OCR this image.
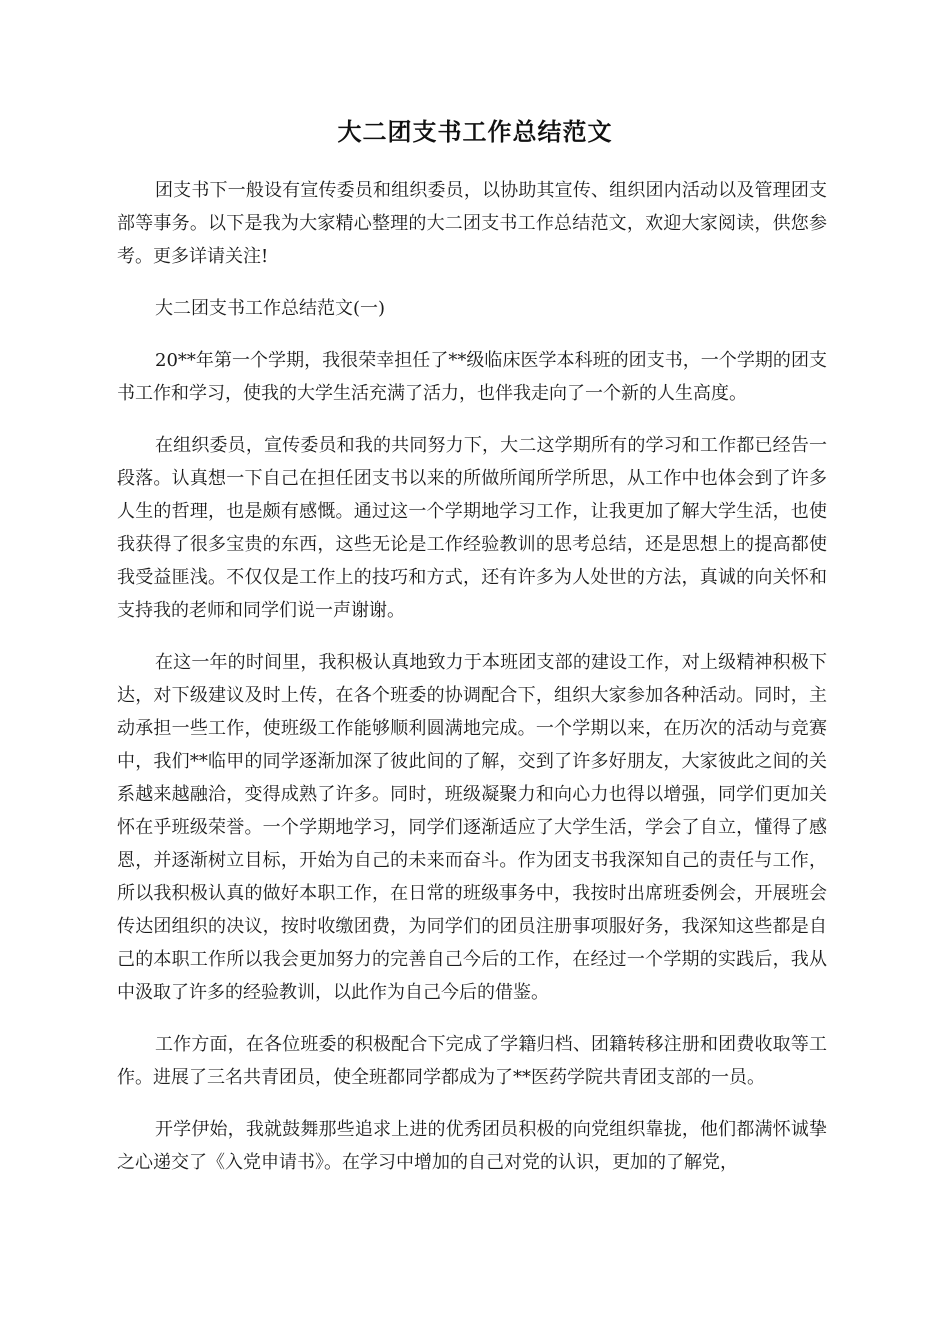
大二团支书工作总结范文

团支书下一般设有宣传委员和组织委员，以协助其宣传、组织团内活动以及管理团支部等事务。以下是我为大家精心整理的大二团支书工作总结范文，欢迎大家阅读，供您参考。更多详请关注!

大二团支书工作总结范文(一)

20**年第一个学期，我很荣幸担任了**级临床医学本科班的团支书，一个学期的团支书工作和学习，使我的大学生活充满了活力，也伴我走向了一个新的人生高度。

在组织委员，宣传委员和我的共同努力下，大二这学期所有的学习和工作都已经告一段落。认真想一下自己在担任团支书以来的所做所闻所学所思，从工作中也体会到了许多人生的哲理，也是颇有感慨。通过这一个学期地学习工作，让我更加了解大学生活，也使我获得了很多宝贵的东西，这些无论是工作经验教训的思考总结，还是思想上的提高都使我受益匪浅。不仅仅是工作上的技巧和方式，还有许多为人处世的方法，真诚的向关怀和支持我的老师和同学们说一声谢谢。

在这一年的时间里，我积极认真地致力于本班团支部的建设工作，对上级精神积极下达，对下级建议及时上传，在各个班委的协调配合下，组织大家参加各种活动。同时，主动承担一些工作，使班级工作能够顺利圆满地完成。一个学期以来，在历次的活动与竞赛中，我们**临甲的同学逐渐加深了彼此间的了解，交到了许多好朋友，大家彼此之间的关系越来越融洽，变得成熟了许多。同时，班级凝聚力和向心力也得以增强，同学们更加关怀在乎班级荣誉。一个学期地学习，同学们逐渐适应了大学生活，学会了自立，懂得了感恩，并逐渐树立目标，开始为自己的未来而奋斗。作为团支书我深知自己的责任与工作，所以我积极认真的做好本职工作，在日常的班级事务中，我按时出席班委例会，开展班会传达团组织的决议，按时收缴团费，为同学们的团员注册事项服好务，我深知这些都是自己的本职工作所以我会更加努力的完善自己今后的工作，在经过一个学期的实践后，我从中汲取了许多的经验教训，以此作为自己今后的借鉴。

工作方面，在各位班委的积极配合下完成了学籍归档、团籍转移注册和团费收取等工作。进展了三名共青团员，使全班都同学都成为了**医药学院共青团支部的一员。

开学伊始，我就鼓舞那些追求上进的优秀团员积极的向党组织靠拢，他们都满怀诚挚之心递交了《入党申请书》。在学习中增加的自己对党的认识，更加的了解党，
